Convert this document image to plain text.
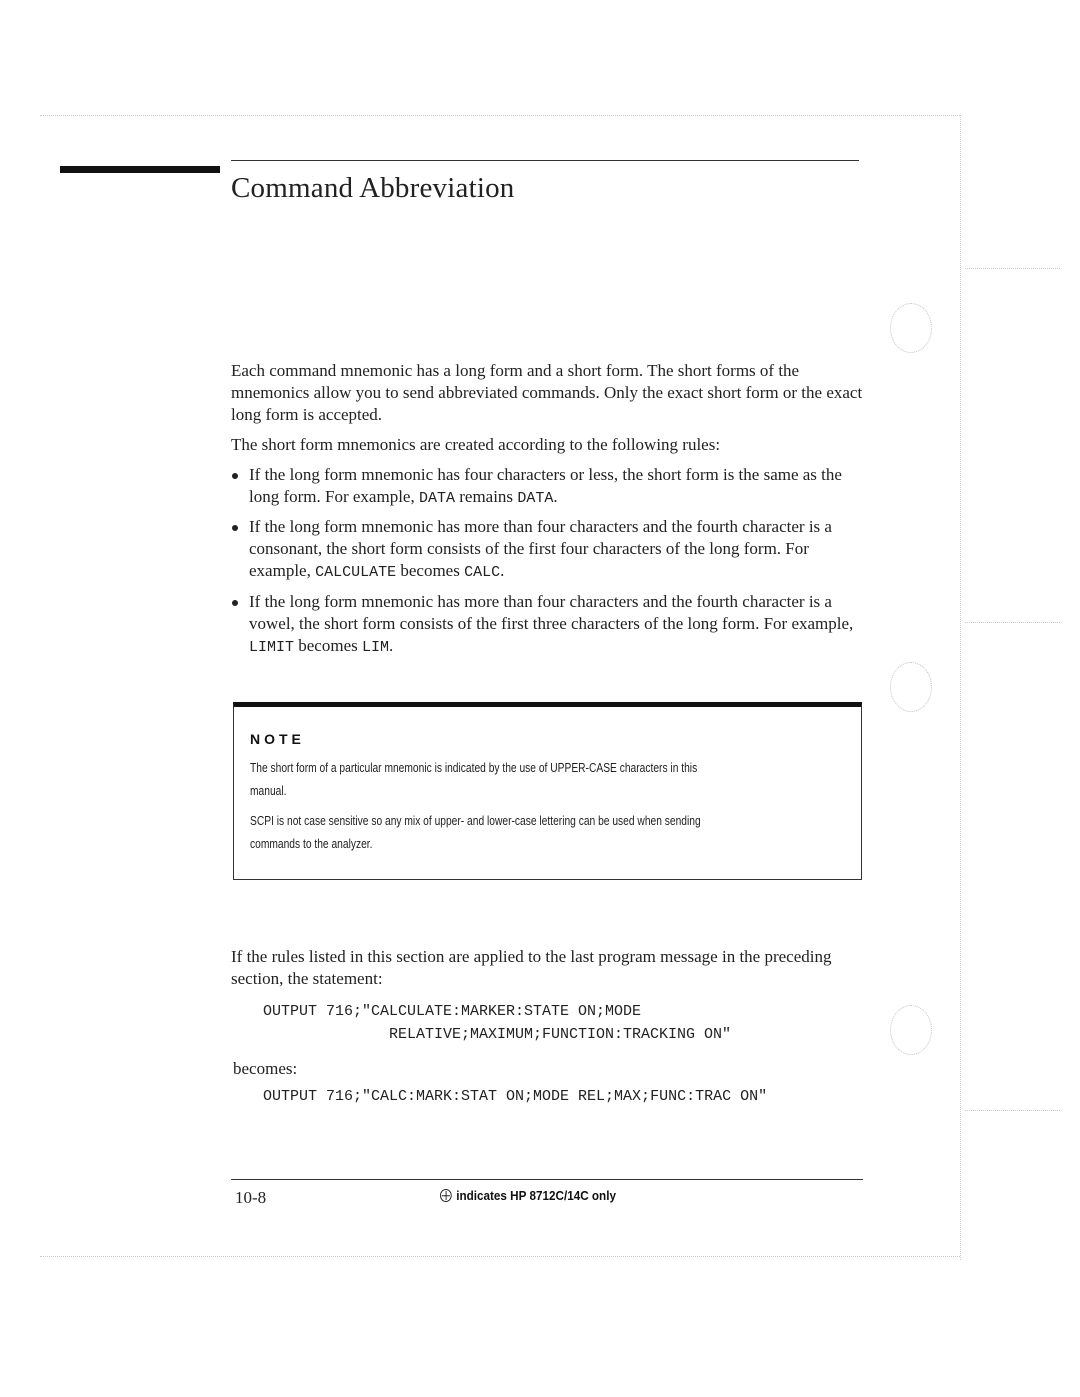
Command Abbreviation
Each command mnemonic has a long form and a short form. The short forms of the mnemonics allow you to send abbreviated commands. Only the exact short form or the exact long form is accepted.
The short form mnemonics are created according to the following rules:
If the long form mnemonic has four characters or less, the short form is the same as the long form. For example, DATA remains DATA.
If the long form mnemonic has more than four characters and the fourth character is a consonant, the short form consists of the first four characters of the long form. For example, CALCULATE becomes CALC.
If the long form mnemonic has more than four characters and the fourth character is a vowel, the short form consists of the first three characters of the long form. For example, LIMIT becomes LIM.
NOTE
The short form of a particular mnemonic is indicated by the use of UPPER-CASE characters in this
manual.
SCPI is not case sensitive so any mix of upper- and lower-case lettering can be used when sending
commands to the analyzer.
If the rules listed in this section are applied to the last program message in the preceding section, the statement:
OUTPUT 716;"CALCULATE:MARKER:STATE ON;MODE
RELATIVE;MAXIMUM;FUNCTION:TRACKING ON"
becomes:
OUTPUT 716;"CALC:MARK:STAT ON;MODE REL;MAX;FUNC:TRAC ON"
10-8	indicates HP 8712C/14C only
